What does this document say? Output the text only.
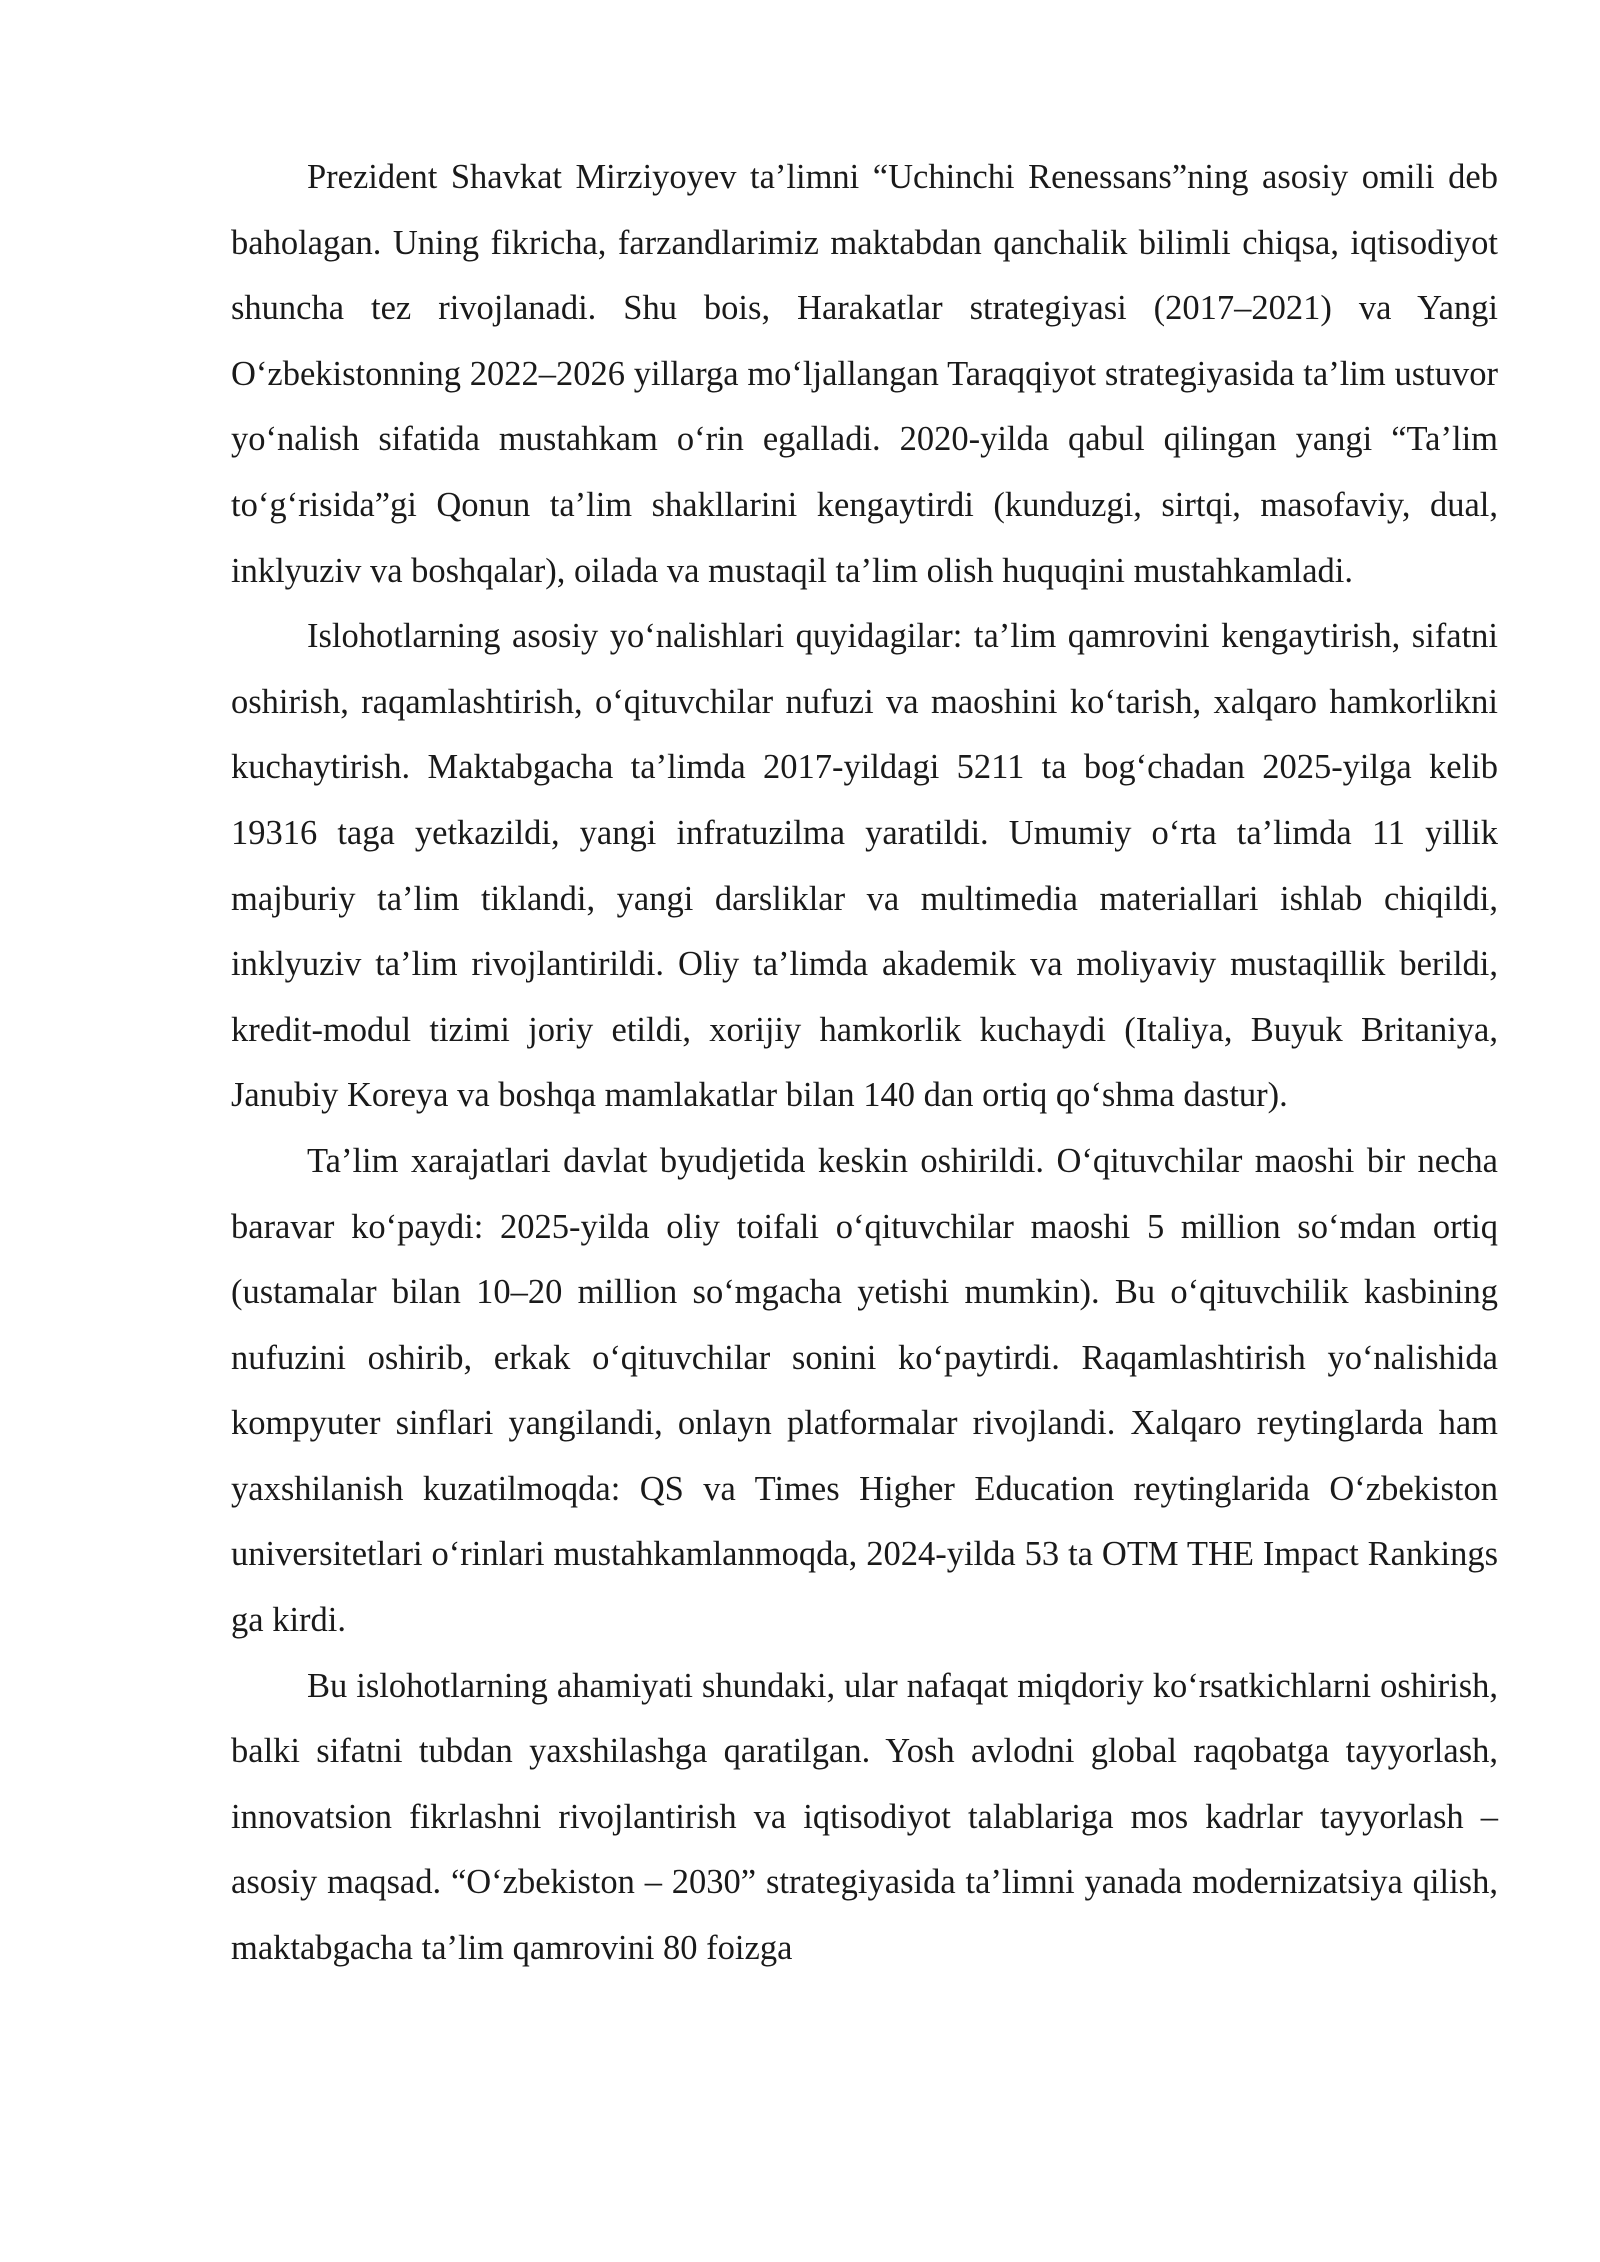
Prezident Shavkat Mirziyoyev ta’limni “Uchinchi Renessans”ning asosiy omili deb baholagan. Uning fikricha, farzandlarimiz maktabdan qanchalik bilimli chiqsa, iqtisodiyot shuncha tez rivojlanadi. Shu bois, Harakatlar strategiyasi (2017–2021) va Yangi O‘zbekistonning 2022–2026 yillarga mo‘ljallangan Taraqqiyot strategiyasida ta’lim ustuvor yo‘nalish sifatida mustahkam o‘rin egalladi. 2020-yilda qabul qilingan yangi “Ta’lim to‘g‘risida”gi Qonun ta’lim shakllarini kengaytirdi (kunduzgi, sirtqi, masofaviy, dual, inklyuziv va boshqalar), oilada va mustaqil ta’lim olish huquqini mustahkamladi.

Islohotlarning asosiy yo‘nalishlari quyidagilar: ta’lim qamrovini kengaytirish, sifatni oshirish, raqamlashtirish, o‘qituvchilar nufuzi va maoshini ko‘tarish, xalqaro hamkorlikni kuchaytirish. Maktabgacha ta’limda 2017-yildagi 5211 ta bog‘chadan 2025-yilga kelib 19316 taga yetkazildi, yangi infratuzilma yaratildi. Umumiy o‘rta ta’limda 11 yillik majburiy ta’lim tiklandi, yangi darsliklar va multimedia materiallari ishlab chiqildi, inklyuziv ta’lim rivojlantirildi. Oliy ta’limda akademik va moliyaviy mustaqillik berildi, kredit-modul tizimi joriy etildi, xorijiy hamkorlik kuchaydi (Italiya, Buyuk Britaniya, Janubiy Koreya va boshqa mamlakatlar bilan 140 dan ortiq qo‘shma dastur).

Ta’lim xarajatlari davlat byudjetida keskin oshirildi. O‘qituvchilar maoshi bir necha baravar ko‘paydi: 2025-yilda oliy toifali o‘qituvchilar maoshi 5 million so‘mdan ortiq (ustamalar bilan 10–20 million so‘mgacha yetishi mumkin). Bu o‘qituvchilik kasbining nufuzini oshirib, erkak o‘qituvchilar sonini ko‘paytirdi. Raqamlashtirish yo‘nalishida kompyuter sinflari yangilandi, onlayn platformalar rivojlandi. Xalqaro reytinglarda ham yaxshilanish kuzatilmoqda: QS va Times Higher Education reytinglarida O‘zbekiston universitetlari o‘rinlari mustahkamlanmoqda, 2024-yilda 53 ta OTM THE Impact Rankings ga kirdi.

Bu islohotlarning ahamiyati shundaki, ular nafaqat miqdoriy ko‘rsatkichlarni oshirish, balki sifatni tubdan yaxshilashga qaratilgan. Yosh avlodni global raqobatga tayyorlash, innovatsion fikrlashni rivojlantirish va iqtisodiyot talablariga mos kadrlar tayyorlash – asosiy maqsad. “O‘zbekiston – 2030” strategiyasida ta’limni yanada modernizatsiya qilish, maktabgacha ta’lim qamrovini 80 foizga
